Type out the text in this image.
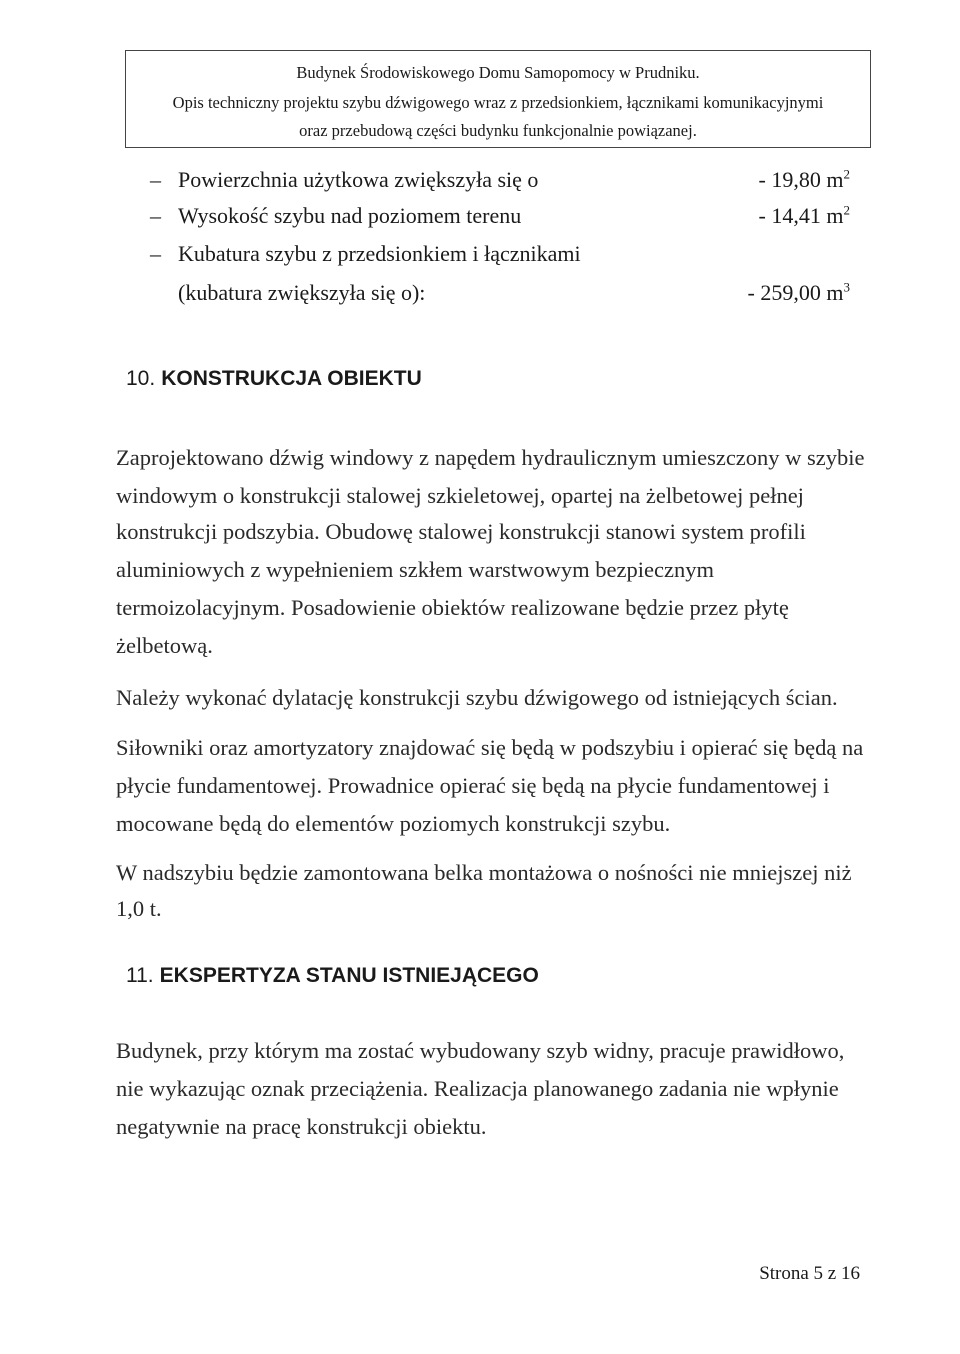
Budynek Środowiskowego Domu Samopomocy w Prudniku.
Opis techniczny projektu szybu dźwigowego wraz z przedsionkiem, łącznikami komunikacyjnymi
oraz przebudową części budynku funkcjonalnie powiązanej.
– Powierzchnia użytkowa zwiększyła się o	- 19,80 $m^2$
– Wysokość szybu nad poziomem terenu	- 14,41 $m^2$
– Kubatura szybu z przedsionkiem i łącznikami
(kubatura zwiększyła się o):	- 259,00 $m^3$
10. KONSTRUKCJA OBIEKTU
Zaprojektowano dźwig windowy z napędem hydraulicznym umieszczony w szybie
windowym o konstrukcji stalowej szkieletowej, opartej na żelbetowej pełnej
konstrukcji podszybia. Obudowę stalowej konstrukcji stanowi system profili
aluminiowych z wypełnieniem szkłem warstwowym bezpiecznym
termoizolacyjnym. Posadowienie obiektów realizowane będzie przez płytę
żelbetową.
Należy wykonać dylatację konstrukcji szybu dźwigowego od istniejących ścian.
Siłowniki oraz amortyzatory znajdować się będą w podszybiu i opierać się będą na
płycie fundamentowej. Prowadnice opierać się będą na płycie fundamentowej i
mocowane będą do elementów poziomych konstrukcji szybu.
W nadszybiu będzie zamontowana belka montażowa o nośności nie mniejszej niż
1,0 t.
11. EKSPERTYZA STANU ISTNIEJĄCEGO
Budynek, przy którym ma zostać wybudowany szyb widny, pracuje prawidłowo,
nie wykazując oznak przeciążenia. Realizacja planowanego zadania nie wpłynie
negatywnie na pracę konstrukcji obiektu.
Strona 5 z 16
